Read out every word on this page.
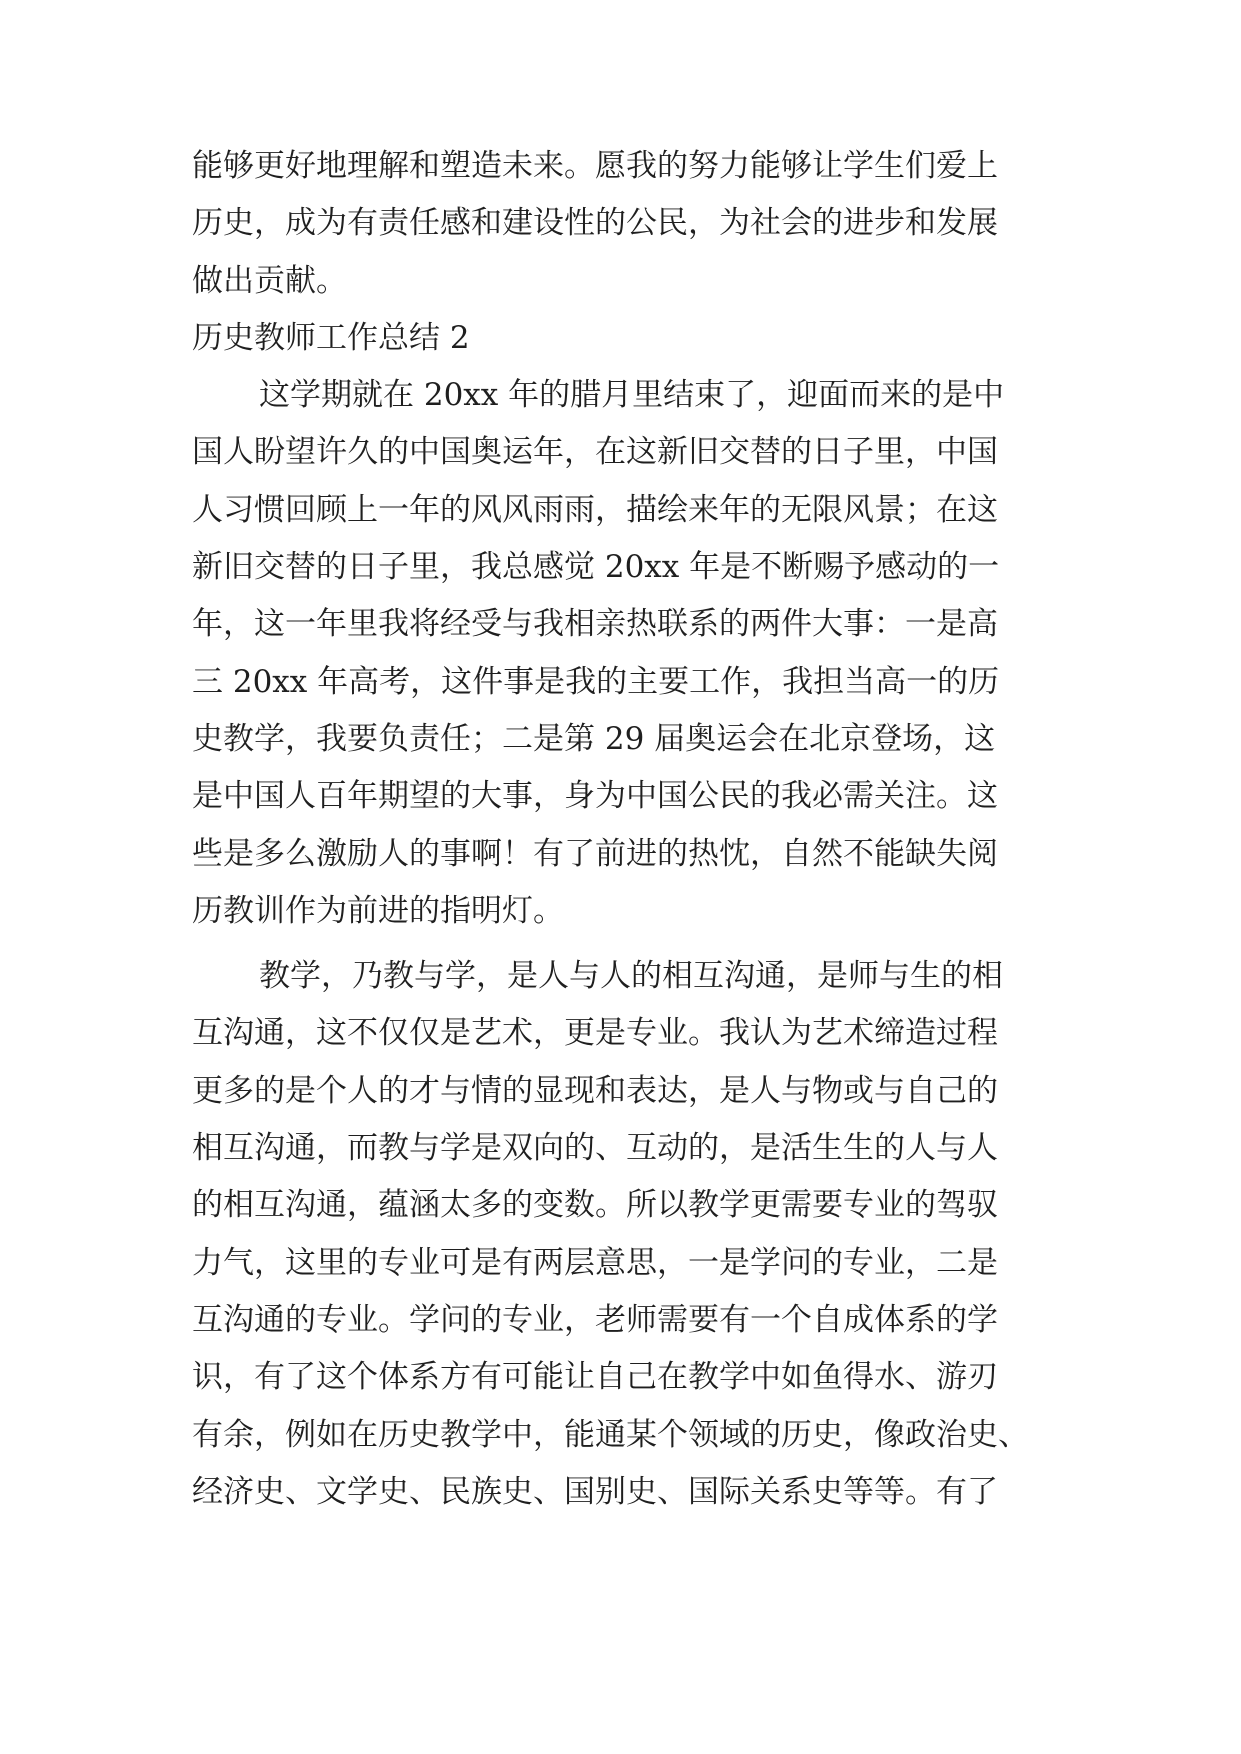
能够更好地理解和塑造未来。愿我的努力能够让学生们爱上
历史，成为有责任感和建设性的公民，为社会的进步和发展
做出贡献。
历史教师工作总结 2
这学期就在 20xx 年的腊月里结束了，迎面而来的是中
国人盼望许久的中国奥运年，在这新旧交替的日子里，中国
人习惯回顾上一年的风风雨雨，描绘来年的无限风景；在这
新旧交替的日子里，我总感觉 20xx 年是不断赐予感动的一
年，这一年里我将经受与我相亲热联系的两件大事：一是高
三 20xx 年高考，这件事是我的主要工作，我担当高一的历
史教学，我要负责任；二是第 29 届奥运会在北京登场，这
是中国人百年期望的大事，身为中国公民的我必需关注。这
些是多么激励人的事啊！有了前进的热忱，自然不能缺失阅
历教训作为前进的指明灯。
教学，乃教与学，是人与人的相互沟通，是师与生的相
互沟通，这不仅仅是艺术，更是专业。我认为艺术缔造过程
更多的是个人的才与情的显现和表达，是人与物或与自己的
相互沟通，而教与学是双向的、互动的，是活生生的人与人
的相互沟通，蕴涵太多的变数。所以教学更需要专业的驾驭
力气，这里的专业可是有两层意思，一是学问的专业，二是
互沟通的专业。学问的专业，老师需要有一个自成体系的学
识，有了这个体系方有可能让自己在教学中如鱼得水、游刃
有余，例如在历史教学中，能通某个领域的历史，像政治史、
经济史、文学史、民族史、国别史、国际关系史等等。有了
